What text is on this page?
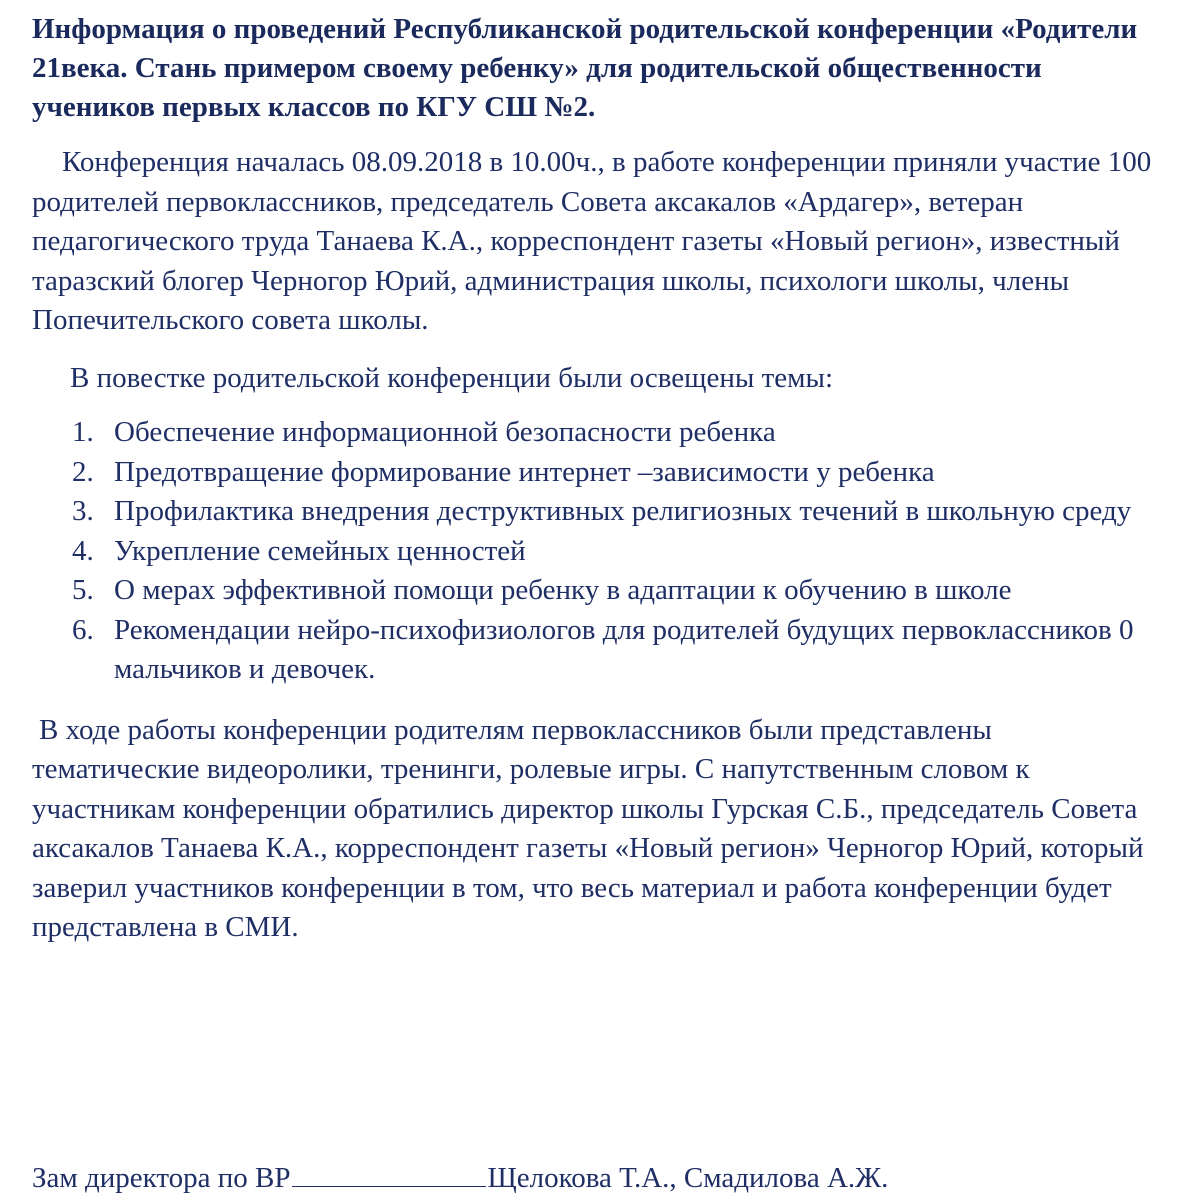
Информация о проведений Республиканской родительской конференции «Родители 21века. Стань примером своему ребенку» для родительской общественности учеников первых классов по КГУ СШ №2.

Конференция началась 08.09.2018 в 10.00ч., в работе конференции приняли участие 100 родителей первоклассников, председатель Совета аксакалов «Ардагер», ветеран педагогического труда Танаева К.А., корреспондент газеты «Новый регион», известный таразский блогер Черногор Юрий, администрация школы, психологи школы, члены Попечительского совета школы.

В повестке родительской конференции были освещены темы:

1. Обеспечение информационной безопасности ребенка
2. Предотвращение формирование интернет –зависимости у ребенка
3. Профилактика внедрения деструктивных религиозных течений в школьную среду
4. Укрепление семейных ценностей
5. О мерах эффективной помощи ребенку в адаптации к обучению в школе
6. Рекомендации нейро-психофизиологов для родителей будущих первоклассников 0 мальчиков и девочек.

В ходе работы конференции родителям первоклассников были представлены тематические видеоролики, тренинги, ролевые игры. С напутственным словом к участникам конференции обратились директор школы Гурская С.Б., председатель Совета аксакалов Танаева К.А., корреспондент газеты «Новый регион» Черногор Юрий, который заверил участников конференции в том, что весь материал и работа конференции будет представлена в СМИ.

Зам директора по ВР	Щелокова Т.А., Смадилова А.Ж.
